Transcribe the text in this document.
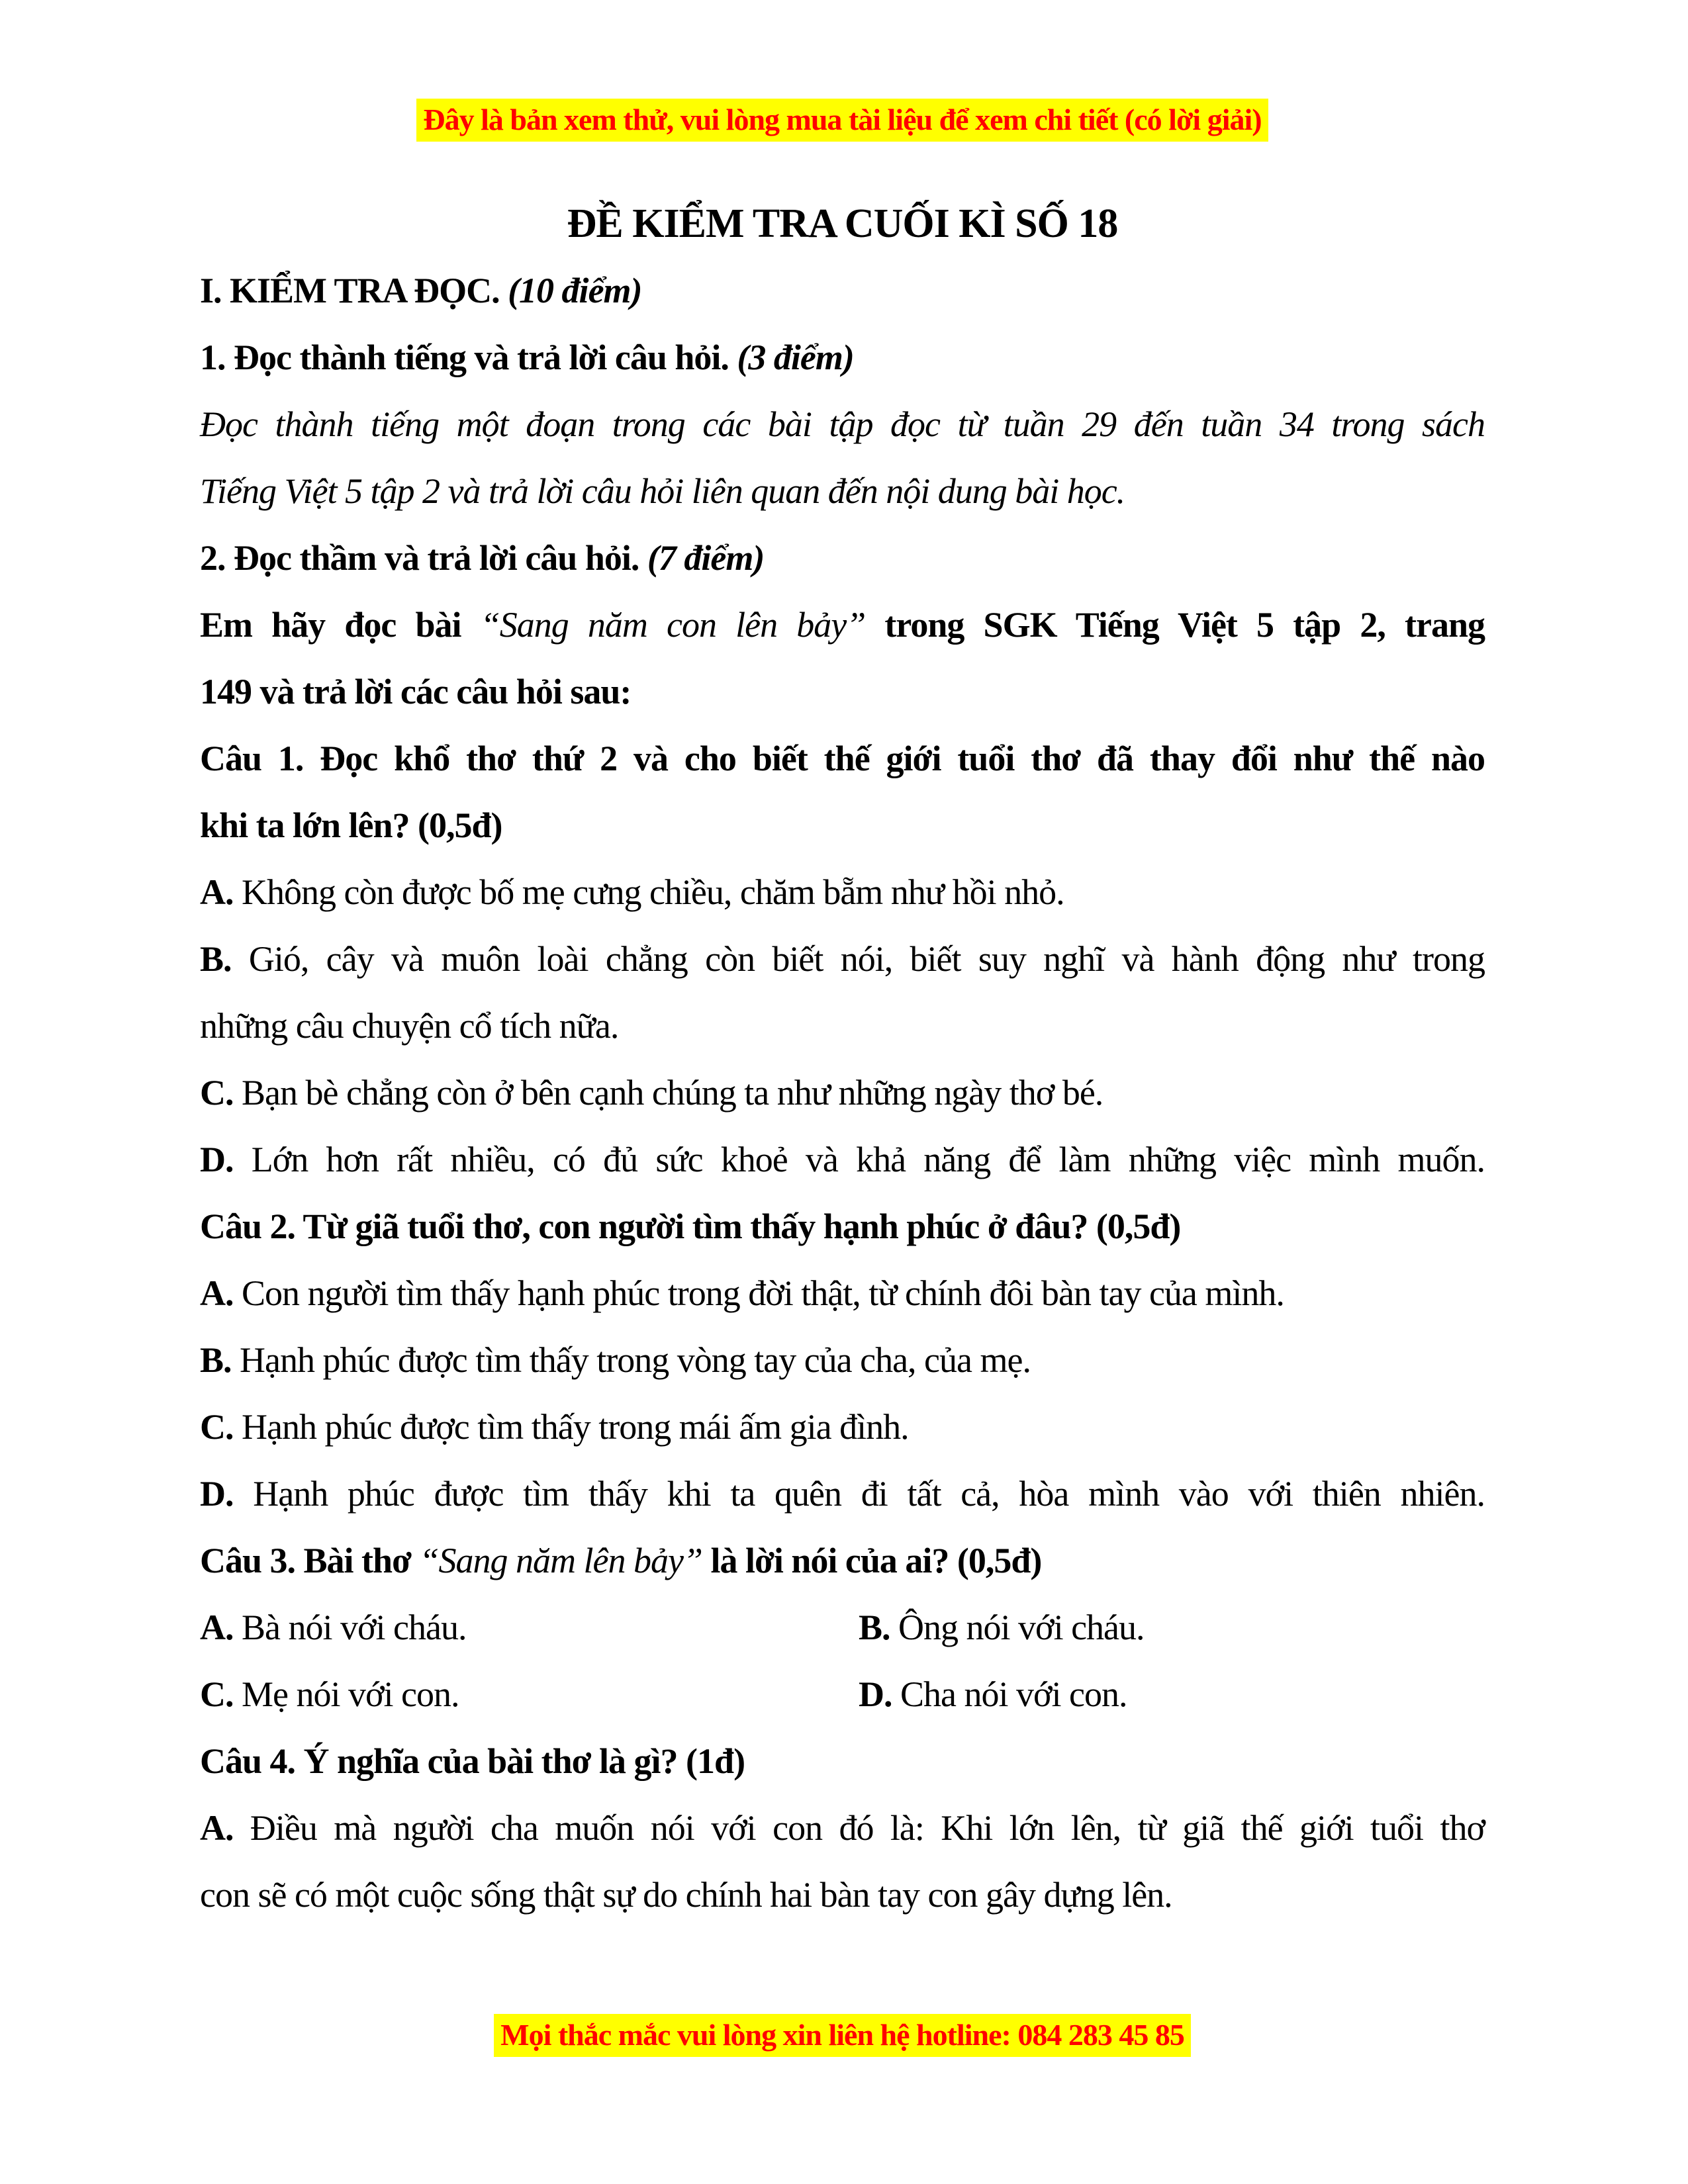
Đây là bản xem thử, vui lòng mua tài liệu để xem chi tiết (có lời giải)
ĐỀ KIỂM TRA CUỐI KÌ SỐ 18
I. KIỂM TRA ĐỌC. (10 điểm)
1. Đọc thành tiếng và trả lời câu hỏi. (3 điểm)
Đọc thành tiếng một đoạn trong các bài tập đọc từ tuần 29 đến tuần 34 trong sách
Tiếng Việt 5 tập 2 và trả lời câu hỏi liên quan đến nội dung bài học.
2. Đọc thầm và trả lời câu hỏi. (7 điểm)
Em hãy đọc bài “Sang năm con lên bảy” trong SGK Tiếng Việt 5 tập 2, trang
149 và trả lời các câu hỏi sau:
Câu 1. Đọc khổ thơ thứ 2 và cho biết thế giới tuổi thơ đã thay đổi như thế nào
khi ta lớn lên? (0,5đ)
A. Không còn được bố mẹ cưng chiều, chăm bẵm như hồi nhỏ.
B. Gió, cây và muôn loài chẳng còn biết nói, biết suy nghĩ và hành động như trong
những câu chuyện cổ tích nữa.
C. Bạn bè chẳng còn ở bên cạnh chúng ta như những ngày thơ bé.
D. Lớn hơn rất nhiều, có đủ sức khoẻ và khả năng để làm những việc mình muốn.
Câu 2. Từ giã tuổi thơ, con người tìm thấy hạnh phúc ở đâu? (0,5đ)
A. Con người tìm thấy hạnh phúc trong đời thật, từ chính đôi bàn tay của mình.
B. Hạnh phúc được tìm thấy trong vòng tay của cha, của mẹ.
C. Hạnh phúc được tìm thấy trong mái ấm gia đình.
D. Hạnh phúc được tìm thấy khi ta quên đi tất cả, hòa mình vào với thiên nhiên.
Câu 3. Bài thơ “Sang năm lên bảy” là lời nói của ai? (0,5đ)
A. Bà nói với cháu.	B. Ông nói với cháu.
C. Mẹ nói với con.	D. Cha nói với con.
Câu 4. Ý nghĩa của bài thơ là gì? (1đ)
A. Điều mà người cha muốn nói với con đó là: Khi lớn lên, từ giã thế giới tuổi thơ
con sẽ có một cuộc sống thật sự do chính hai bàn tay con gây dựng lên.
Mọi thắc mắc vui lòng xin liên hệ hotline: 084 283 45 85
